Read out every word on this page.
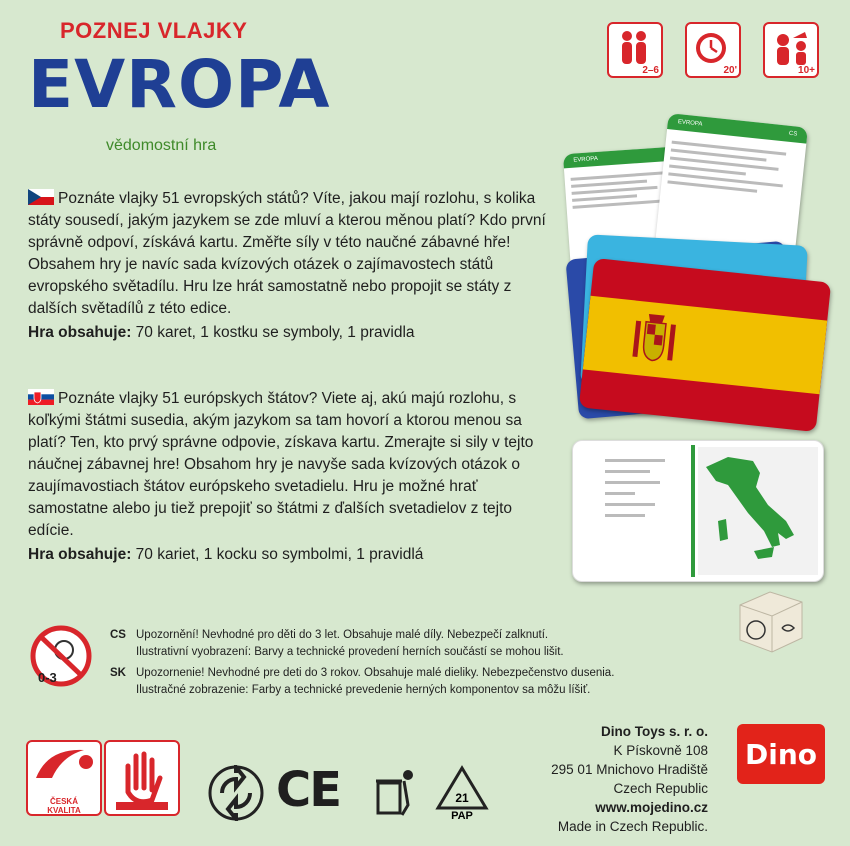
POZNEJ VLAJKY
EVROPA
vědomostní hra
2–6	20'	10+

Poznáte vlajky 51 evropských států? Víte, jakou mají rozlohu, s kolika státy sousedí, jakým jazykem se zde mluví a kterou měnou platí? Kdo první správně odpoví, získává kartu. Změřte síly v této naučné zábavné hře! Obsahem hry je navíc sada kvízových otázek o zajímavostech států evropského světadílu. Hru lze hrát samostatně nebo propojit se státy z dalších světadílů z této edice.

Hra obsahuje: 70 karet, 1 kostku se symboly, 1 pravidla

Poznáte vlajky 51 európskych štátov? Viete aj, akú majú rozlohu, s koľkými štátmi susedia, akým jazykom sa tam hovorí a ktorou menou sa platí? Ten, kto prvý správne odpovie, získava kartu. Zmerajte si sily v tejto náučnej zábavnej hre! Obsahom hry je navyše sada kvízových otázok o zaujímavostiach štátov európskeho svetadielu. Hru je možné hrať samostatne alebo ju tiež prepojiť so štátmi z ďalších svetadielov z tejto edície.

Hra obsahuje: 70 kariet, 1 kocku so symbolmi, 1 pravidlá

EVROPA
EVROPA
CS
0-3
CS Upozornění! Nevhodné pro děti do 3 let. Obsahuje malé díly. Nebezpečí zalknutí.
Ilustrativní vyobrazení: Barvy a technické provedení herních součástí se mohou lišit.
SK Upozornenie! Nevhodné pre deti do 3 rokov. Obsahuje malé dieliky. Nebezpečenstvo dusenia.
Ilustračné zobrazenie: Farby a technické prevedenie herných komponentov sa môžu líšiť.
Dino Toys s. r. o.
K Pískovně 108
295 01 Mnichovo Hradiště
Czech Republic
www.mojedino.cz
Made in Czech Republic.
Dino
ČESKÁ
KVALITA	CE	21
PAP
